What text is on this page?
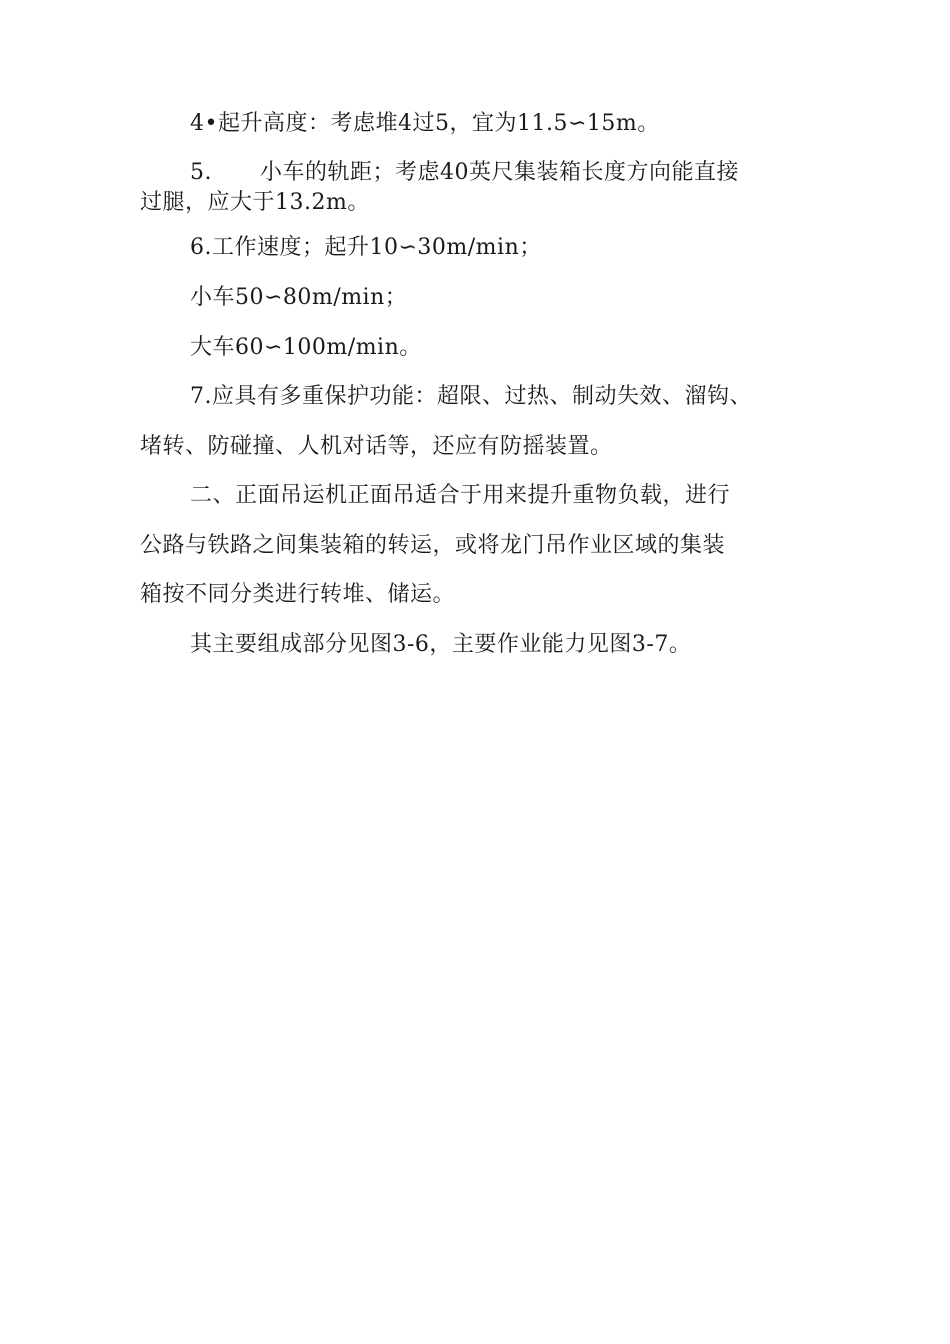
4•起升高度：考虑堆4过5，宜为11.5∽15m。
5. 小车的轨距；考虑40英尺集装箱长度方向能直接
过腿，应大于13.2m。
6.工作速度；起升10∽30m/min；
小车50∽80m/min；
大车60∽100m/min。
7.应具有多重保护功能：超限、过热、制动失效、溜钩、
堵转、防碰撞、人机对话等，还应有防摇装置。
二、正面吊运机正面吊适合于用来提升重物负载，进行
公路与铁路之间集装箱的转运，或将龙门吊作业区域的集装
箱按不同分类进行转堆、储运。
其主要组成部分见图3-6，主要作业能力见图3-7。
